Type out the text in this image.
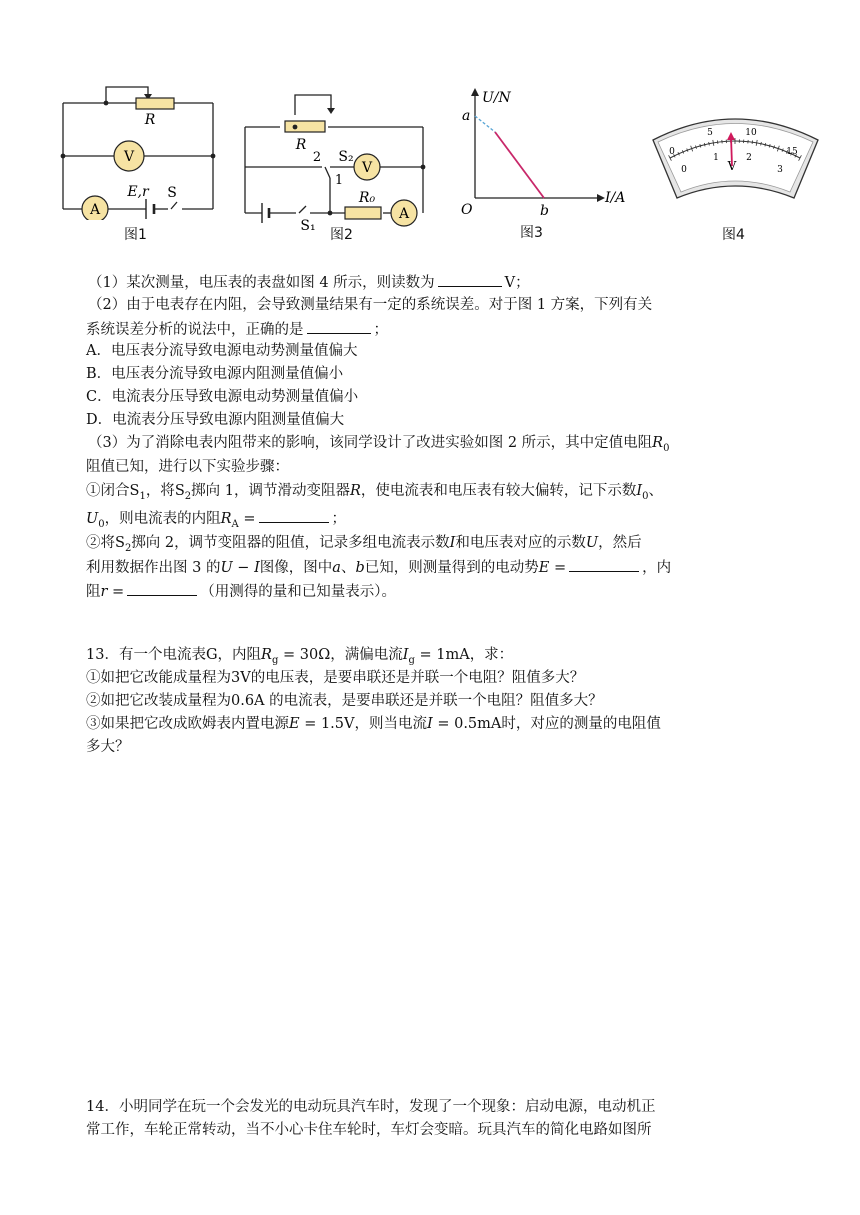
R
V
A
E,r S
图1
R
2
1
S₂
V
R₀
A
S₁
图2
U/N
a
I/A
O	b
图3
0
5	10
15
0
1	2
3
V
图4
（1）某次测量，电压表的表盘如图 4 所示，则读数为	V；
（2）由于电表存在内阻，会导致测量结果有一定的系统误差。对于图 1 方案，下列有关
系统误差分析的说法中，正确的是	；
A．电压表分流导致电源电动势测量值偏大
B．电压表分流导致电源内阻测量值偏小
C．电流表分压导致电源电动势测量值偏小
D．电流表分压导致电源内阻测量值偏大
（3）为了消除电表内阻带来的影响，该同学设计了改进实验如图 2 所示，其中定值电阻$R_0$
阻值已知，进行以下实验步骤：
①闭合$S_1$，将$S_2$掷向 1，调节滑动变阻器R，使电流表和电压表有较大偏转，记下示数$I_0$、
$U_0$，则电流表的内阻$R_A$ =	；
②将$S_2$掷向 2，调节变阻器的阻值，记录多组电流表示数I和电压表对应的示数U，然后
利用数据作出图 3 的U − I图像，图中a、b已知，则测量得到的电动势E =	，内
阻r =	（用测得的量和已知量表示）。
13．有一个电流表G，内阻$R_g = 30\Omega$，满偏电流$I_g = 1mA$，求：
①如把它改能成量程为3V的电压表，是要串联还是并联一个电阻？阻值多大？
②如把它改装成量程为0.6A 的电流表，是要串联还是并联一个电阻？阻值多大？
③如果把它改成欧姆表内置电源E = 1.5V，则当电流I = 0.5mA时，对应的测量的电阻值
多大？
14．小明同学在玩一个会发光的电动玩具汽车时，发现了一个现象：启动电源，电动机正
常工作，车轮正常转动，当不小心卡住车轮时，车灯会变暗。玩具汽车的简化电路如图所
